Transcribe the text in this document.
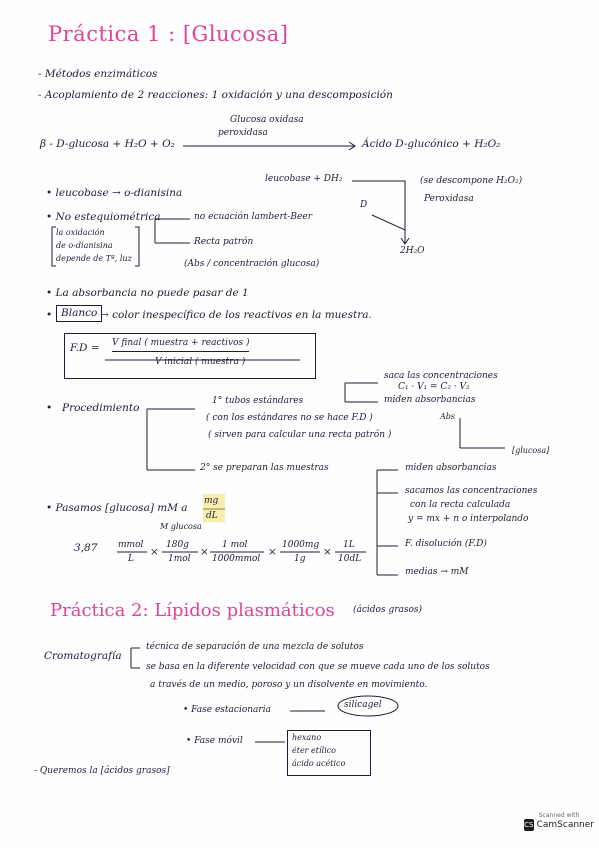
Práctica 1 : [Glucosa]
- Métodos enzimáticos
- Acoplamiento de 2 reacciones: 1 oxidación y una descomposición
Glucosa oxidasa
peroxidasa
β - D-glucosa + H₂O + O₂	Ácido D-glucónico + H₂O₂
leucobase + DH₂
D
(se descompone H₂O₂)
Peroxidasa
2H₂O
• leucobase → o-dianisina
• No estequiométrica
la oxidación
de o-dianisina
depende de Tª, luz
no ecuación lambert-Beer
Recta patrón
(Abs / concentración glucosa)
• La absorbancia no puede pasar de 1
• Blanco → color inespecífico de los reactivos en la muestra.
F.D = V final ( muestra + reactivos )
V inicial ( muestra )
• Procedimiento
1° tubos estándares
( con los estándares no se hace F.D )
( sirven para calcular una recta patrón )
saca las concentraciones
C₁ · V₁ = C₂ · V₂
miden absorbancias
Abs
[glucosa]
2° se preparan las muestras	miden absorbancias
sacamos las concentraciones
con la recta calculada
y = mx + n o interpolando
F. disolución (F.D)
medias → mM
• Pasamos [glucosa] mM a
mg
dL
M glucosa
3,87 mmol
L
×
180g
1mol
×
1 mol
1000mmol
×
1000mg
1g
×
1L
10dL
Práctica 2: Lípidos plasmáticos (ácidos grasos)
Cromatografía
técnica de separación de una mezcla de solutos
se basa en la diferente velocidad con que se mueve cada uno de los solutos
a través de un medio, poroso y un disolvente en movimiento.
• Fase estacionaria	silicagel
• Fase móvil	hexano
éter etílico
ácido acético
- Queremos la [ácidos grasos]
Scanned with
CS CamScanner
